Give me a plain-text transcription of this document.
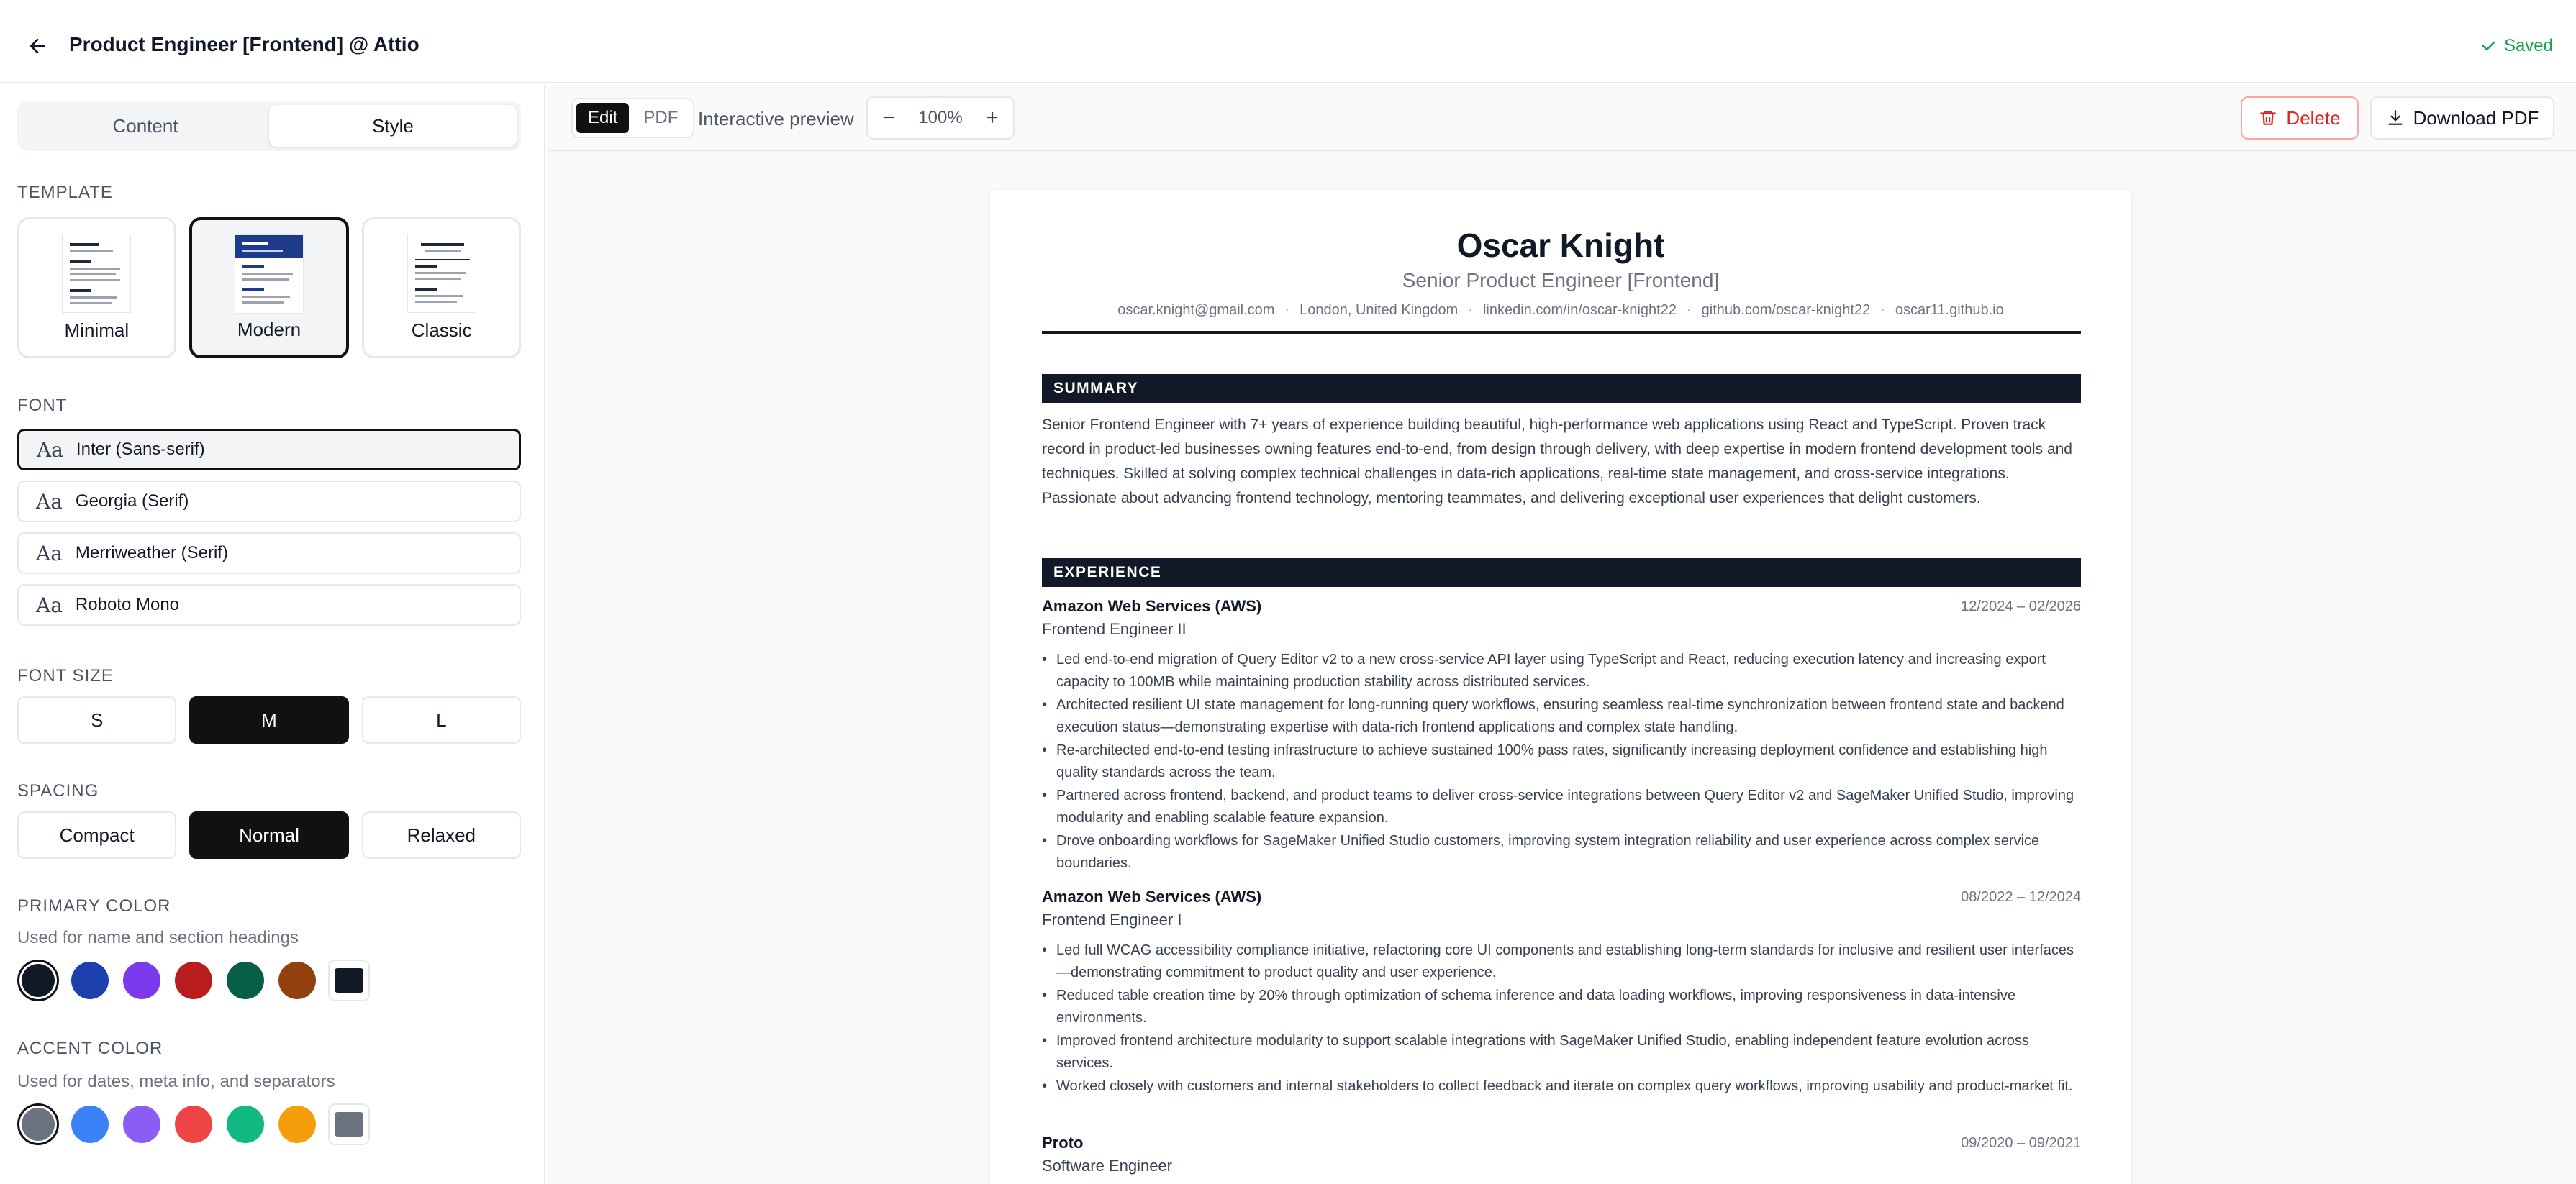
Product Engineer [Frontend] @ Attio	Saved
Content	Style
TEMPLATE
Minimal	Modern	Classic
FONT
Aa Inter (Sans-serif)
Aa Georgia (Serif)
Aa Merriweather (Serif)
Aa Roboto Mono
FONT SIZE
S	M	L
SPACING
Compact	Normal	Relaxed
PRIMARY COLOR
Used for name and section headings
ACCENT COLOR
Used for dates, meta info, and separators
Edit	PDF	Interactive preview − 100% +	Delete	Download PDF
Oscar Knight
Senior Product Engineer [Frontend]
oscar.knight@gmail.com · London, United Kingdom · linkedin.com/in/oscar-knight22 · github.com/oscar-knight22 · oscar11.github.io
SUMMARY
Senior Frontend Engineer with 7+ years of experience building beautiful, high-performance web applications using React and TypeScript. Proven track record in product-led businesses owning features end-to-end, from design through delivery, with deep expertise in modern frontend development tools and techniques. Skilled at solving complex technical challenges in data-rich applications, real-time state management, and cross-service integrations. Passionate about advancing frontend technology, mentoring teammates, and delivering exceptional user experiences that delight customers.
EXPERIENCE
Amazon Web Services (AWS)	12/2024 – 02/2026
Frontend Engineer II
• Led end-to-end migration of Query Editor v2 to a new cross-service API layer using TypeScript and React, reducing execution latency and increasing export capacity to 100MB while maintaining production stability across distributed services.
• Architected resilient UI state management for long-running query workflows, ensuring seamless real-time synchronization between frontend state and backend execution status—demonstrating expertise with data-rich frontend applications and complex state handling.
• Re-architected end-to-end testing infrastructure to achieve sustained 100% pass rates, significantly increasing deployment confidence and establishing high quality standards across the team.
• Partnered across frontend, backend, and product teams to deliver cross-service integrations between Query Editor v2 and SageMaker Unified Studio, improving modularity and enabling scalable feature expansion.
• Drove onboarding workflows for SageMaker Unified Studio customers, improving system integration reliability and user experience across complex service boundaries.
Amazon Web Services (AWS)	08/2022 – 12/2024
Frontend Engineer I
• Led full WCAG accessibility compliance initiative, refactoring core UI components and establishing long-term standards for inclusive and resilient user interfaces—demonstrating commitment to product quality and user experience.
• Reduced table creation time by 20% through optimization of schema inference and data loading workflows, improving responsiveness in data-intensive environments.
• Improved frontend architecture modularity to support scalable integrations with SageMaker Unified Studio, enabling independent feature evolution across services.
• Worked closely with customers and internal stakeholders to collect feedback and iterate on complex query workflows, improving usability and product-market fit.
Proto	09/2020 – 09/2021
Software Engineer
